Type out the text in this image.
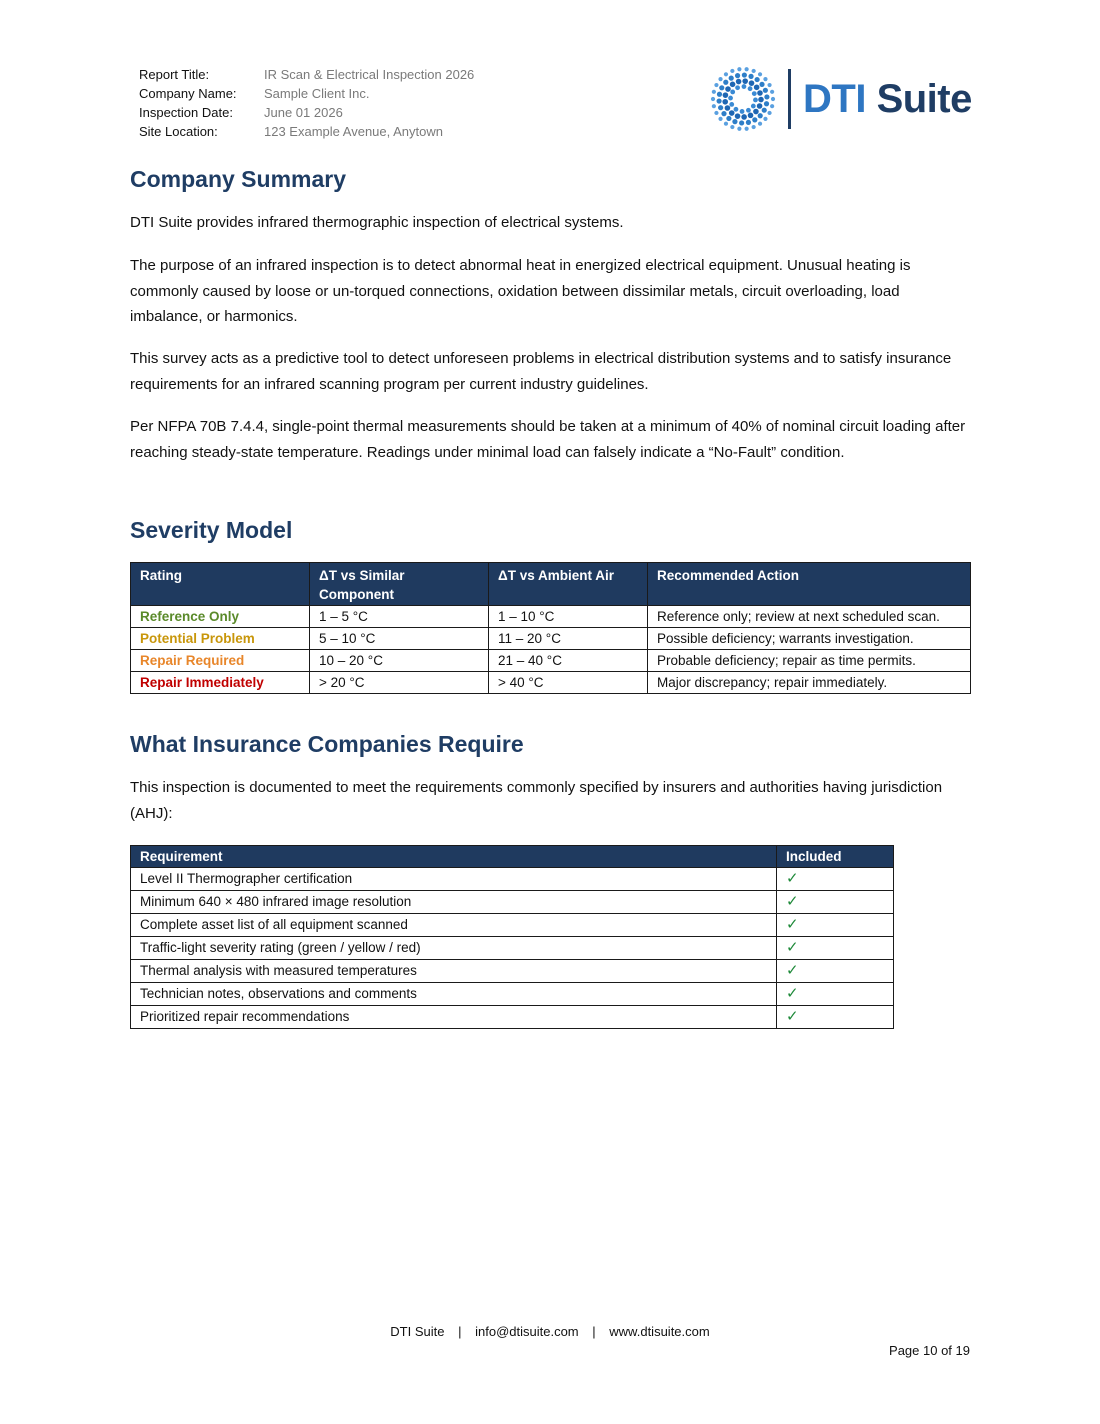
Report Title:	IR Scan & Electrical Inspection 2026
Company Name:	Sample Client Inc.
Inspection Date:	June 01 2026
Site Location:	123 Example Avenue, Anytown
DTI Suite
Company Summary

DTI Suite provides infrared thermographic inspection of electrical systems.

The purpose of an infrared inspection is to detect abnormal heat in energized electrical equipment. Unusual heating is commonly caused by loose or un-torqued connections, oxidation between dissimilar metals, circuit overloading, load imbalance, or harmonics.

This survey acts as a predictive tool to detect unforeseen problems in electrical distribution systems and to satisfy insurance requirements for an infrared scanning program per current industry guidelines.

Per NFPA 70B 7.4.4, single-point thermal measurements should be taken at a minimum of 40% of nominal circuit loading after reaching steady-state temperature. Readings under minimal load can falsely indicate a “No-Fault” condition.

Severity Model
Rating	ΔT vs Similar Component	ΔT vs Ambient Air	Recommended Action
Reference Only	1 – 5 °C	1 – 10 °C	Reference only; review at next scheduled scan.
Potential Problem	5 – 10 °C	11 – 20 °C	Possible deficiency; warrants investigation.
Repair Required	10 – 20 °C	21 – 40 °C	Probable deficiency; repair as time permits.
Repair Immediately	> 20 °C	> 40 °C	Major discrepancy; repair immediately.
What Insurance Companies Require

This inspection is documented to meet the requirements commonly specified by insurers and authorities having jurisdiction (AHJ):

Requirement	Included
Level II Thermographer certification	✓
Minimum 640 × 480 infrared image resolution	✓
Complete asset list of all equipment scanned	✓
Traffic-light severity rating (green / yellow / red)	✓
Thermal analysis with measured temperatures	✓
Technician notes, observations and comments	✓
Prioritized repair recommendations	✓
DTI Suite | info@dtisuite.com | www.dtisuite.com
Page 10 of 19
